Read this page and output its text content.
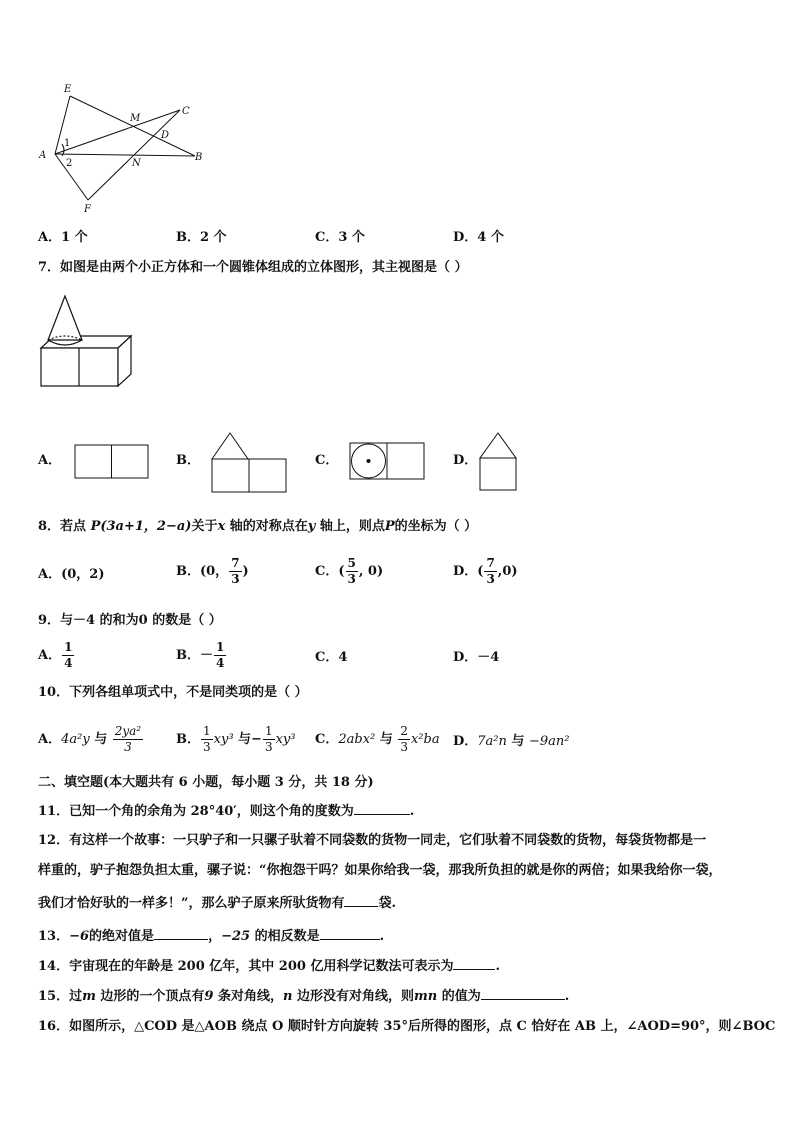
E
C
M
D
A
N
B
F
1
2
A．1 个	B．2 个	C．3 个	D．4 个
7．如图是由两个小正方体和一个圆锥体组成的立体图形，其主视图是（ ）
A．	B．	C．	D．
8．若点 P(3a+1，2−a)关于x 轴的对称点在y 轴上，则点P的坐标为（ ）
A．(0，2)	B．(0， $\frac{7}{3}$ )	C．( $\frac{5}{3}$ , 0)	D．( $\frac{7}{3} ,0$)
9．与－4 的和为0 的数是（ ）
A． $\frac{1}{4}$	B．－ $\frac{1}{4}$	C．4	D．－4
10．下列各组单项式中，不是同类项的是（ ）
A．4a²y 与 $\frac{\text{2ya²}}{3}$	B． $\frac{1}{3} xy^3$ 与− $\frac{1}{3} xy^3$ C．2abx² 与 $\frac{2}{3} x^2ba$ D．7a²n 与 −9an²
二、填空题(本大题共有 6 小题，每小题 3 分，共 18 分)
11．已知一个角的余角为 28°40′，则这个角的度数为	.
12．有这样一个故事：一只驴子和一只骡子驮着不同袋数的货物一同走，它们驮着不同袋数的货物，每袋货物都是一
样重的，驴子抱怨负担太重，骡子说：“你抱怨干吗？如果你给我一袋，那我所负担的就是你的两倍；如果我给你一袋，
我们才恰好驮的一样多！”，那么驴子原来所驮货物有	袋.
13．−6的绝对值是	，−25 的相反数是	.
14．宇宙现在的年龄是 200 亿年，其中 200 亿用科学记数法可表示为	.
15．过m 边形的一个顶点有9 条对角线，n 边形没有对角线，则mn 的值为	.
16．如图所示，△COD 是△AOB 绕点 O 顺时针方向旋转 35°后所得的图形，点 C 恰好在 AB 上，∠AOD=90°，则∠BOC
